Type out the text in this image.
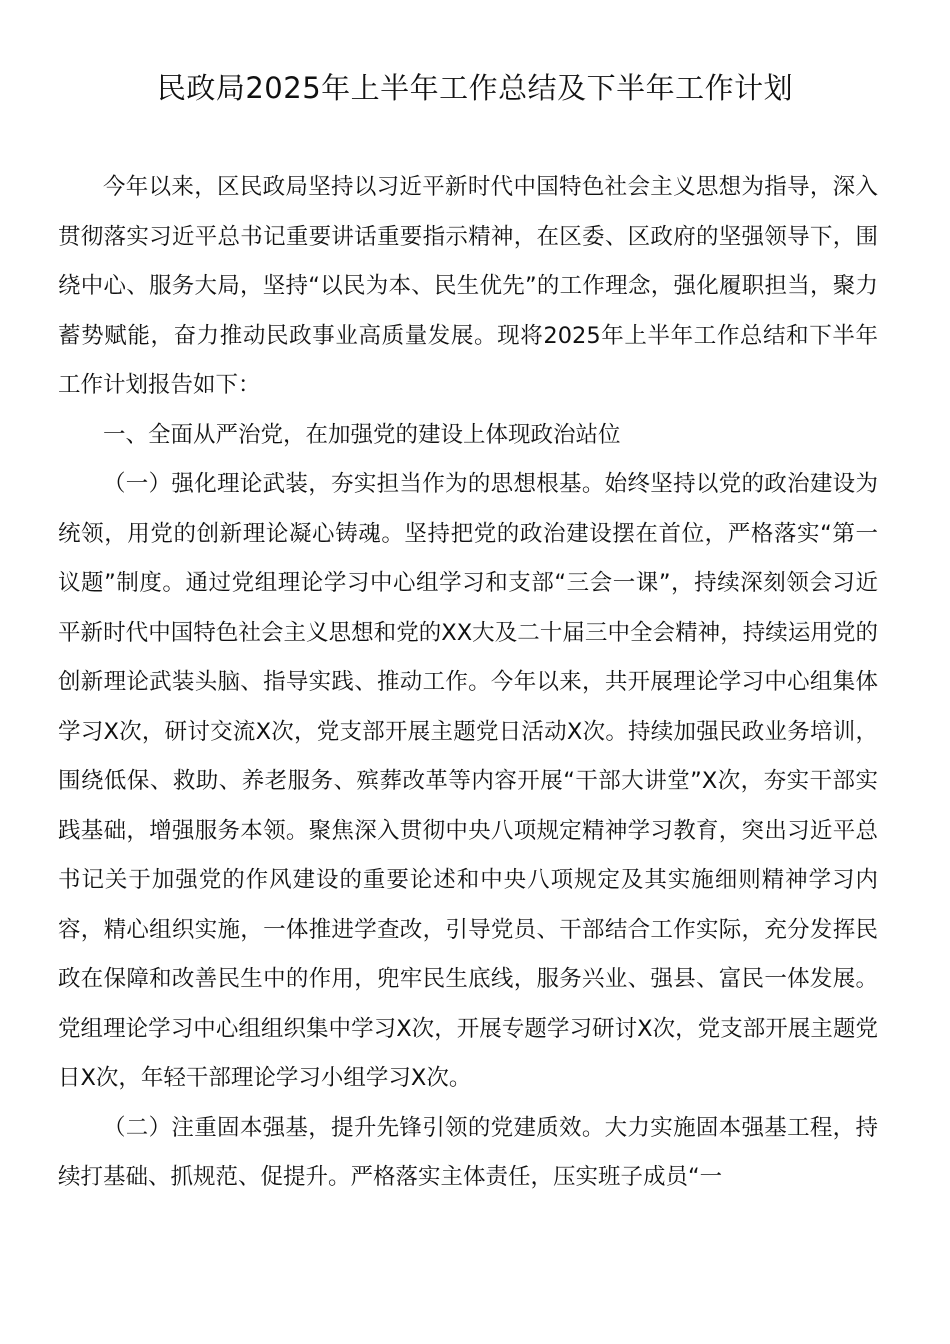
民政局2025年上半年工作总结及下半年工作计划

今年以来，区民政局坚持以习近平新时代中国特色社会主义思想为指导，深入贯彻落实习近平总书记重要讲话重要指示精神，在区委、区政府的坚强领导下，围绕中心、服务大局，坚持“以民为本、民生优先”的工作理念，强化履职担当，聚力蓄势赋能，奋力推动民政事业高质量发展。现将2025年上半年工作总结和下半年工作计划报告如下：

一、全面从严治党，在加强党的建设上体现政治站位

（一）强化理论武装，夯实担当作为的思想根基。始终坚持以党的政治建设为统领，用党的创新理论凝心铸魂。坚持把党的政治建设摆在首位，严格落实“第一议题”制度。通过党组理论学习中心组学习和支部“三会一课”，持续深刻领会习近平新时代中国特色社会主义思想和党的XX大及二十届三中全会精神，持续运用党的创新理论武装头脑、指导实践、推动工作。今年以来，共开展理论学习中心组集体学习X次，研讨交流X次，党支部开展主题党日活动X次。持续加强民政业务培训，围绕低保、救助、养老服务、殡葬改革等内容开展“干部大讲堂”X次，夯实干部实践基础，增强服务本领。聚焦深入贯彻中央八项规定精神学习教育，突出习近平总书记关于加强党的作风建设的重要论述和中央八项规定及其实施细则精神学习内容，精心组织实施，一体推进学查改，引导党员、干部结合工作实际，充分发挥民政在保障和改善民生中的作用，兜牢民生底线，服务兴业、强县、富民一体发展。党组理论学习中心组组织集中学习X次，开展专题学习研讨X次，党支部开展主题党日X次，年轻干部理论学习小组学习X次。

（二）注重固本强基，提升先锋引领的党建质效。大力实施固本强基工程，持续打基础、抓规范、促提升。严格落实主体责任，压实班子成员“一
